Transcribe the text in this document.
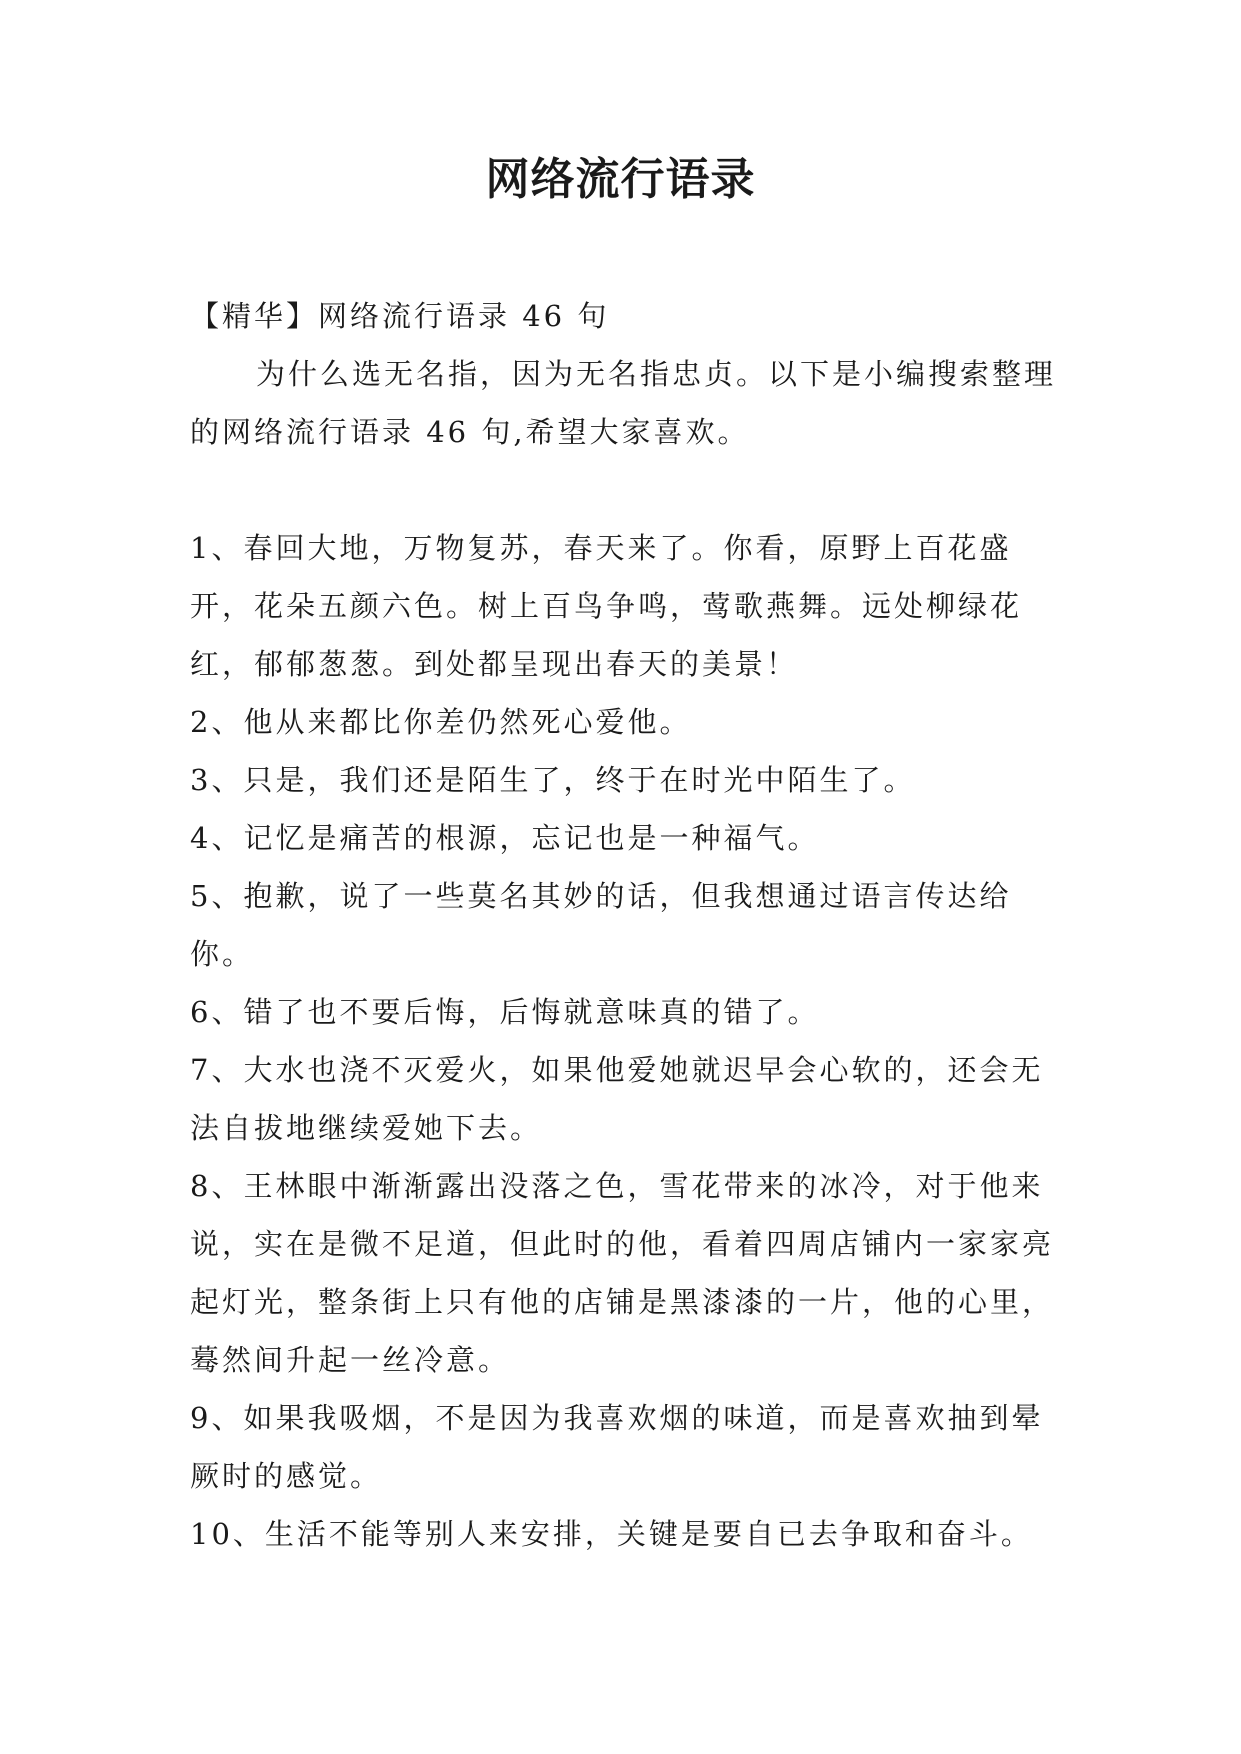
网络流行语录

【精华】网络流行语录 46 句

为什么选无名指，因为无名指忠贞。以下是小编搜索整理的网络流行语录 46 句,希望大家喜欢。

1、春回大地，万物复苏，春天来了。你看，原野上百花盛开，花朵五颜六色。树上百鸟争鸣，莺歌燕舞。远处柳绿花红，郁郁葱葱。到处都呈现出春天的美景！

2、他从来都比你差仍然死心爱他。

3、只是，我们还是陌生了，终于在时光中陌生了。

4、记忆是痛苦的根源，忘记也是一种福气。

5、抱歉，说了一些莫名其妙的话，但我想通过语言传达给你。

6、错了也不要后悔，后悔就意味真的错了。

7、大水也浇不灭爱火，如果他爱她就迟早会心软的，还会无法自拔地继续爱她下去。

8、王林眼中渐渐露出没落之色，雪花带来的冰冷，对于他来说，实在是微不足道，但此时的他，看着四周店铺内一家家亮起灯光，整条街上只有他的店铺是黑漆漆的一片，他的心里，蓦然间升起一丝冷意。

9、如果我吸烟，不是因为我喜欢烟的味道，而是喜欢抽到晕厥时的感觉。

10、生活不能等别人来安排，关键是要自已去争取和奋斗。
